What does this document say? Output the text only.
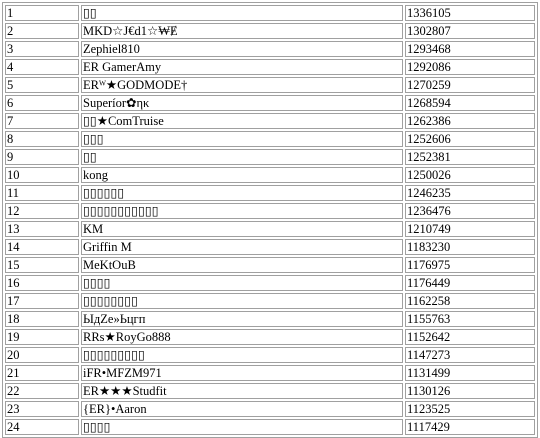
1	▯▯	1336105
2	MKD☆J€d1☆₩Ɇ	1302807
3	Zephiel810	1293468
4	ER GamerAmy	1292086
5	ERᵂ★GODMODE†	1270259
6	Superíor✿ηκ	1268594
7	▯▯★ComTruise	1262386
8	▯▯▯	1252606
9	▯▯	1252381
10	kong	1250026
11	▯▯▯▯▯▯	1246235
12	▯▯▯▯▯▯▯▯▯▯▯	1236476
13	KM	1210749
14	Griffin M	1183230
15	MeKtOuB	1176975
16	▯▯▯▯	1176449
17	▯▯▯▯▯▯▯▯	1162258
18	ЫдZe»Ьцгп	1155763
19	RRs★RoyGo888	1152642
20	▯▯▯▯▯▯▯▯▯	1147273
21	iFR•MFZM971	1131499
22	ER★★★Studfit	1130126
23	{ER}•Aaron	1123525
24	▯▯▯▯	1117429
